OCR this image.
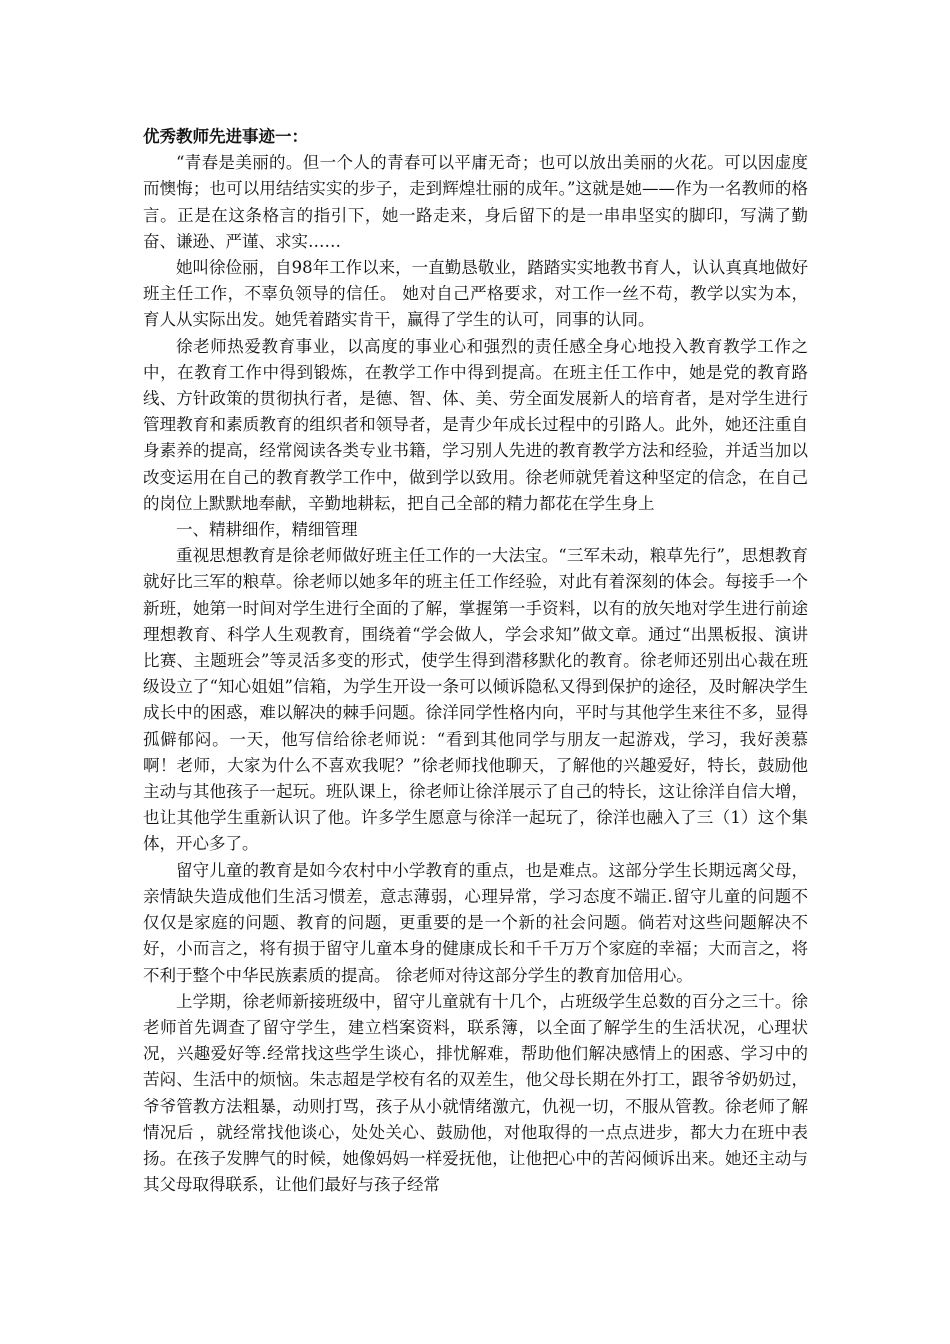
优秀教师先进事迹一：

“青春是美丽的。但一个人的青春可以平庸无奇；也可以放出美丽的火花。可以因虚度而懊悔；也可以用结结实实的步子，走到辉煌壮丽的成年。”这就是她——作为一名教师的格言。正是在这条格言的指引下，她一路走来，身后留下的是一串串坚实的脚印，写满了勤奋、谦逊、严谨、求实……

她叫徐俭丽，自98年工作以来，一直勤恳敬业，踏踏实实地教书育人，认认真真地做好班主任工作，不辜负领导的信任。 她对自己严格要求，对工作一丝不苟，教学以实为本，育人从实际出发。她凭着踏实肯干，赢得了学生的认可，同事的认同。

徐老师热爱教育事业，以高度的事业心和强烈的责任感全身心地投入教育教学工作之中，在教育工作中得到锻炼，在教学工作中得到提高。在班主任工作中，她是党的教育路线、方针政策的贯彻执行者，是德、智、体、美、劳全面发展新人的培育者，是对学生进行管理教育和素质教育的组织者和领导者，是青少年成长过程中的引路人。此外，她还注重自身素养的提高，经常阅读各类专业书籍，学习别人先进的教育教学方法和经验，并适当加以改变运用在自己的教育教学工作中，做到学以致用。徐老师就凭着这种坚定的信念，在自己的岗位上默默地奉献，辛勤地耕耘，把自己全部的精力都花在学生身上

一、精耕细作，精细管理

重视思想教育是徐老师做好班主任工作的一大法宝。“三军未动，粮草先行”，思想教育就好比三军的粮草。徐老师以她多年的班主任工作经验，对此有着深刻的体会。每接手一个新班，她第一时间对学生进行全面的了解，掌握第一手资料，以有的放矢地对学生进行前途理想教育、科学人生观教育，围绕着“学会做人，学会求知”做文章。通过“出黑板报、演讲比赛、主题班会”等灵活多变的形式，使学生得到潜移默化的教育。徐老师还别出心裁在班级设立了“知心姐姐”信箱，为学生开设一条可以倾诉隐私又得到保护的途径，及时解决学生成长中的困惑，难以解决的棘手问题。徐洋同学性格内向，平时与其他学生来往不多，显得孤僻郁闷。一天，他写信给徐老师说：“看到其他同学与朋友一起游戏，学习，我好羡慕啊！老师，大家为什么不喜欢我呢？”徐老师找他聊天，了解他的兴趣爱好，特长，鼓励他主动与其他孩子一起玩。班队课上，徐老师让徐洋展示了自己的特长，这让徐洋自信大增，也让其他学生重新认识了他。许多学生愿意与徐洋一起玩了，徐洋也融入了三（1）这个集体，开心多了。

留守儿童的教育是如今农村中小学教育的重点，也是难点。这部分学生长期远离父母，亲情缺失造成他们生活习惯差，意志薄弱，心理异常，学习态度不端正.留守儿童的问题不仅仅是家庭的问题、教育的问题，更重要的是一个新的社会问题。倘若对这些问题解决不好，小而言之，将有损于留守儿童本身的健康成长和千千万万个家庭的幸福；大而言之，将不利于整个中华民族素质的提高。 徐老师对待这部分学生的教育加倍用心。

上学期，徐老师新接班级中，留守儿童就有十几个，占班级学生总数的百分之三十。徐老师首先调查了留守学生，建立档案资料，联系簿，以全面了解学生的生活状况，心理状况，兴趣爱好等.经常找这些学生谈心，排忧解难，帮助他们解决感情上的困惑、学习中的苦闷、生活中的烦恼。朱志超是学校有名的双差生，他父母长期在外打工，跟爷爷奶奶过，爷爷管教方法粗暴，动则打骂，孩子从小就情绪激亢，仇视一切，不服从管教。徐老师了解情况后 ，就经常找他谈心，处处关心、鼓励他，对他取得的一点点进步，都大力在班中表扬。在孩子发脾气的时候，她像妈妈一样爱抚他，让他把心中的苦闷倾诉出来。她还主动与其父母取得联系，让他们最好与孩子经常
